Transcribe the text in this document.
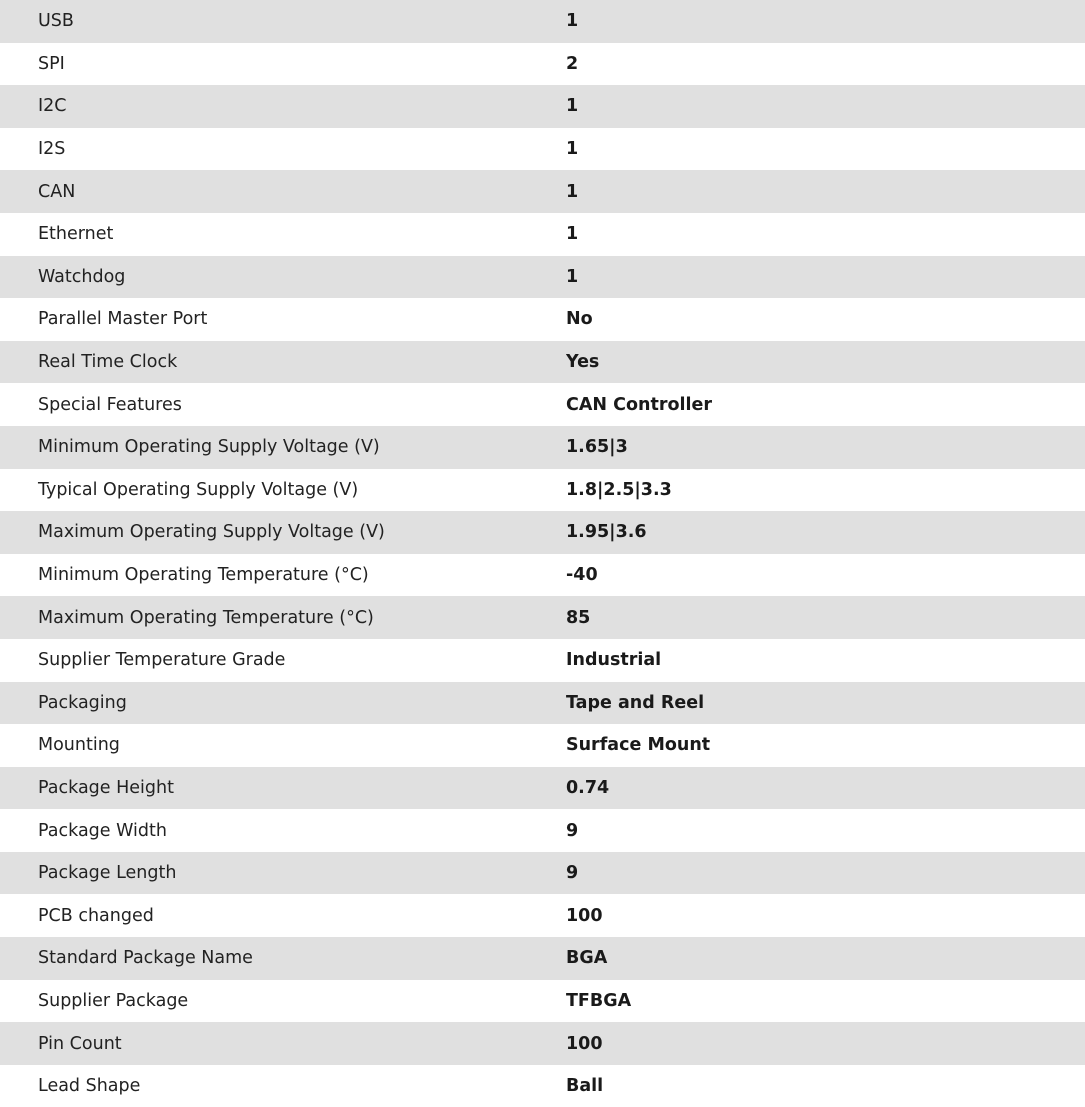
USB	1
SPI	2
I2C	1
I2S	1
CAN	1
Ethernet	1
Watchdog	1
Parallel Master Port	No
Real Time Clock	Yes
Special Features	CAN Controller
Minimum Operating Supply Voltage (V)	1.65|3
Typical Operating Supply Voltage (V)	1.8|2.5|3.3
Maximum Operating Supply Voltage (V)	1.95|3.6
Minimum Operating Temperature (°C)	-40
Maximum Operating Temperature (°C)	85
Supplier Temperature Grade	Industrial
Packaging	Tape and Reel
Mounting	Surface Mount
Package Height	0.74
Package Width	9
Package Length	9
PCB changed	100
Standard Package Name	BGA
Supplier Package	TFBGA
Pin Count	100
Lead Shape	Ball
